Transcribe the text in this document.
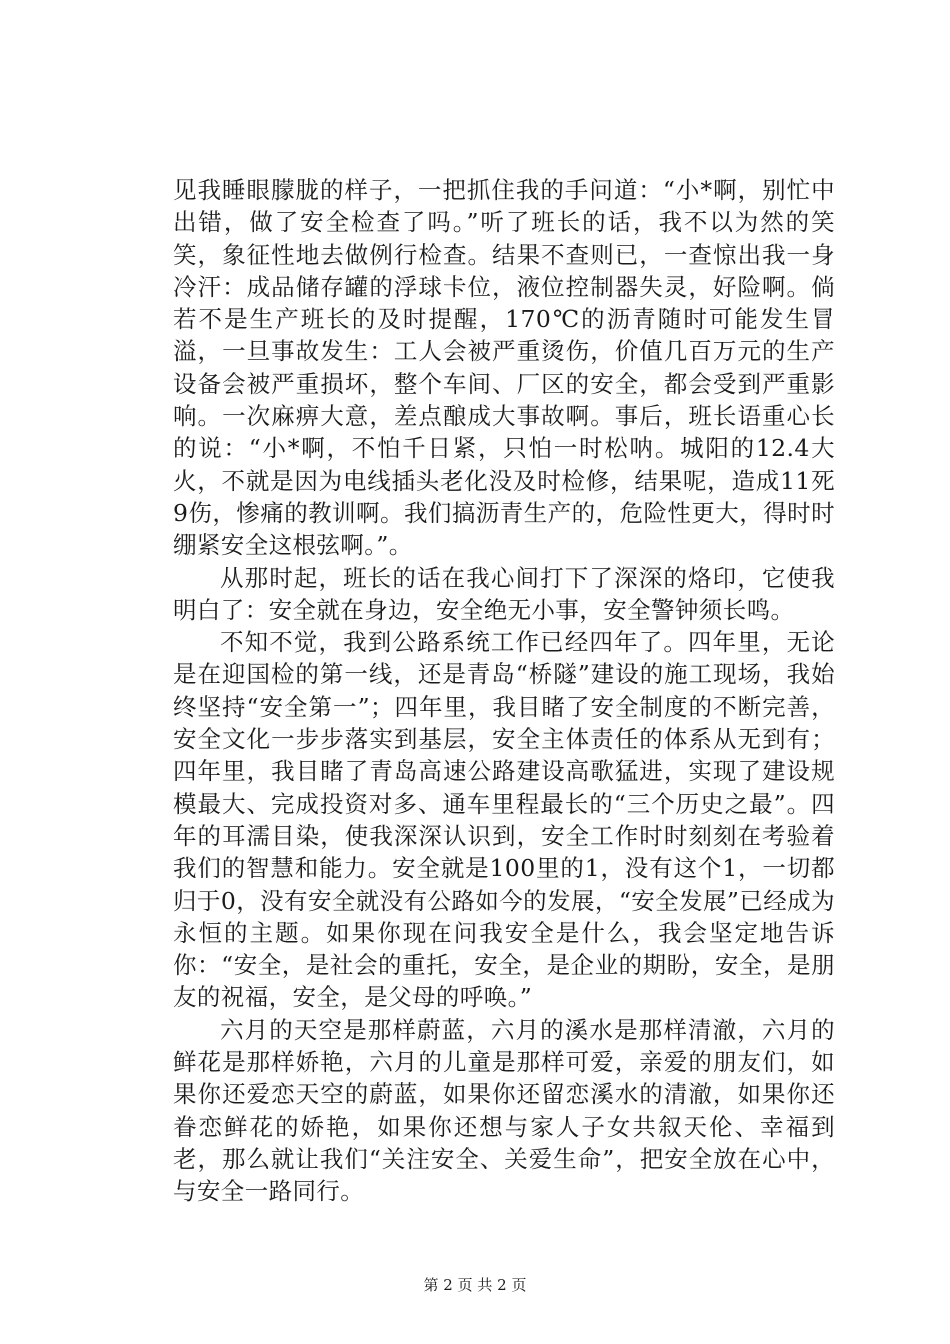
见我睡眼朦胧的样子，一把抓住我的手问道：“小*啊，别忙中出错，做了安全检查了吗。”听了班长的话，我不以为然的笑笑，象征性地去做例行检查。结果不查则已，一查惊出我一身冷汗：成品储存罐的浮球卡位，液位控制器失灵，好险啊。倘若不是生产班长的及时提醒，170℃的沥青随时可能发生冒溢，一旦事故发生：工人会被严重烫伤，价值几百万元的生产设备会被严重损坏，整个车间、厂区的安全，都会受到严重影响。一次麻痹大意，差点酿成大事故啊。事后，班长语重心长的说：“小*啊，不怕千日紧，只怕一时松呐。城阳的12.4大火，不就是因为电线插头老化没及时检修，结果呢，造成11死9伤，惨痛的教训啊。我们搞沥青生产的，危险性更大，得时时绷紧安全这根弦啊。”。

从那时起，班长的话在我心间打下了深深的烙印，它使我明白了：安全就在身边，安全绝无小事，安全警钟须长鸣。

不知不觉，我到公路系统工作已经四年了。四年里，无论是在迎国检的第一线，还是青岛“桥隧”建设的施工现场，我始终坚持“安全第一”；四年里，我目睹了安全制度的不断完善，安全文化一步步落实到基层，安全主体责任的体系从无到有；四年里，我目睹了青岛高速公路建设高歌猛进，实现了建设规模最大、完成投资对多、通车里程最长的“三个历史之最”。四年的耳濡目染，使我深深认识到，安全工作时时刻刻在考验着我们的智慧和能力。安全就是100里的1，没有这个1，一切都归于0，没有安全就没有公路如今的发展，“安全发展”已经成为永恒的主题。如果你现在问我安全是什么，我会坚定地告诉你：“安全，是社会的重托，安全，是企业的期盼，安全，是朋友的祝福，安全，是父母的呼唤。”

六月的天空是那样蔚蓝，六月的溪水是那样清澈，六月的鲜花是那样娇艳，六月的儿童是那样可爱，亲爱的朋友们，如果你还爱恋天空的蔚蓝，如果你还留恋溪水的清澈，如果你还眷恋鲜花的娇艳，如果你还想与家人子女共叙天伦、幸福到老，那么就让我们“关注安全、关爱生命”，把安全放在心中，与安全一路同行。

第 2 页 共 2 页
